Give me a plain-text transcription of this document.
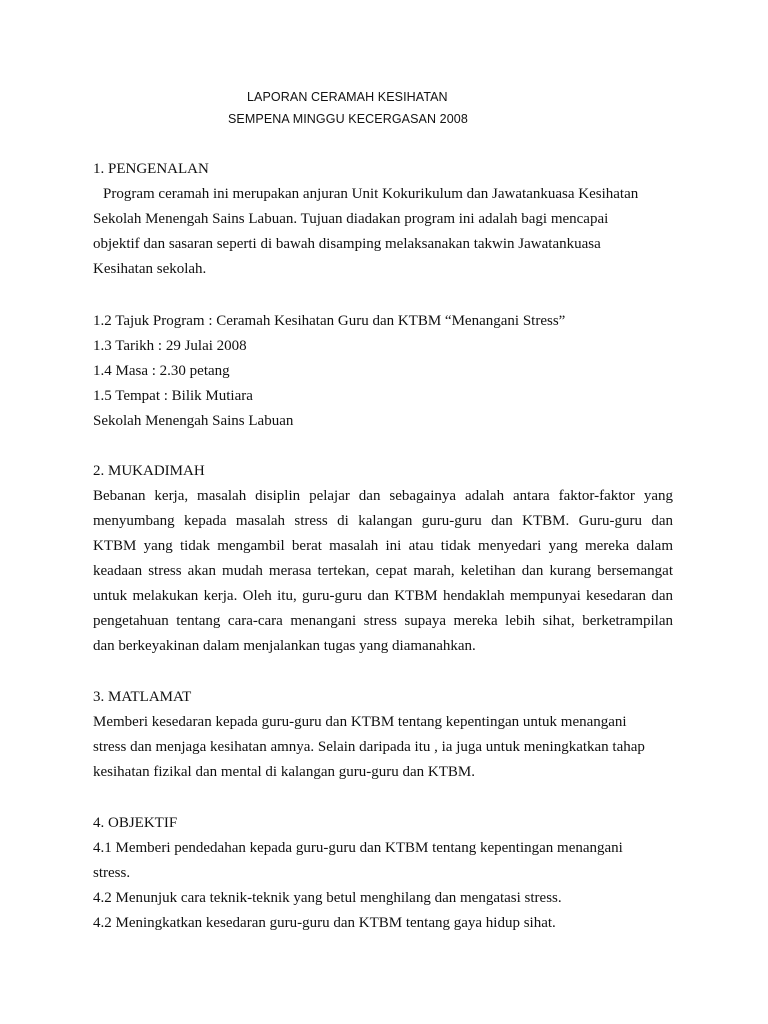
LAPORAN CERAMAH KESIHATAN
SEMPENA MINGGU KECERGASAN 2008
1. PENGENALAN
Program ceramah ini merupakan anjuran Unit Kokurikulum dan Jawatankuasa Kesihatan
Sekolah Menengah Sains Labuan. Tujuan diadakan program ini adalah bagi mencapai
objektif dan sasaran seperti di bawah disamping melaksanakan takwin Jawatankuasa
Kesihatan sekolah.
1.2 Tajuk Program : Ceramah Kesihatan Guru dan KTBM “Menangani Stress”
1.3 Tarikh : 29 Julai 2008
1.4 Masa : 2.30 petang
1.5 Tempat : Bilik Mutiara
Sekolah Menengah Sains Labuan
2. MUKADIMAH
Bebanan kerja, masalah disiplin pelajar dan sebagainya adalah antara faktor-faktor yang
menyumbang kepada masalah stress di kalangan guru-guru dan KTBM. Guru-guru dan
KTBM yang tidak mengambil berat masalah ini atau tidak menyedari yang mereka dalam
keadaan stress akan mudah merasa tertekan, cepat marah, keletihan dan kurang bersemangat
untuk melakukan kerja. Oleh itu, guru-guru dan KTBM hendaklah mempunyai kesedaran dan
pengetahuan tentang cara-cara menangani stress supaya mereka lebih sihat, berketrampilan
dan berkeyakinan dalam menjalankan tugas yang diamanahkan.
3. MATLAMAT
Memberi kesedaran kepada guru-guru dan KTBM tentang kepentingan untuk menangani
stress dan menjaga kesihatan amnya. Selain daripada itu , ia juga untuk meningkatkan tahap
kesihatan fizikal dan mental di kalangan guru-guru dan KTBM.
4. OBJEKTIF
4.1 Memberi pendedahan kepada guru-guru dan KTBM tentang kepentingan menangani
stress.
4.2 Menunjuk cara teknik-teknik yang betul menghilang dan mengatasi stress.
4.2 Meningkatkan kesedaran guru-guru dan KTBM tentang gaya hidup sihat.
